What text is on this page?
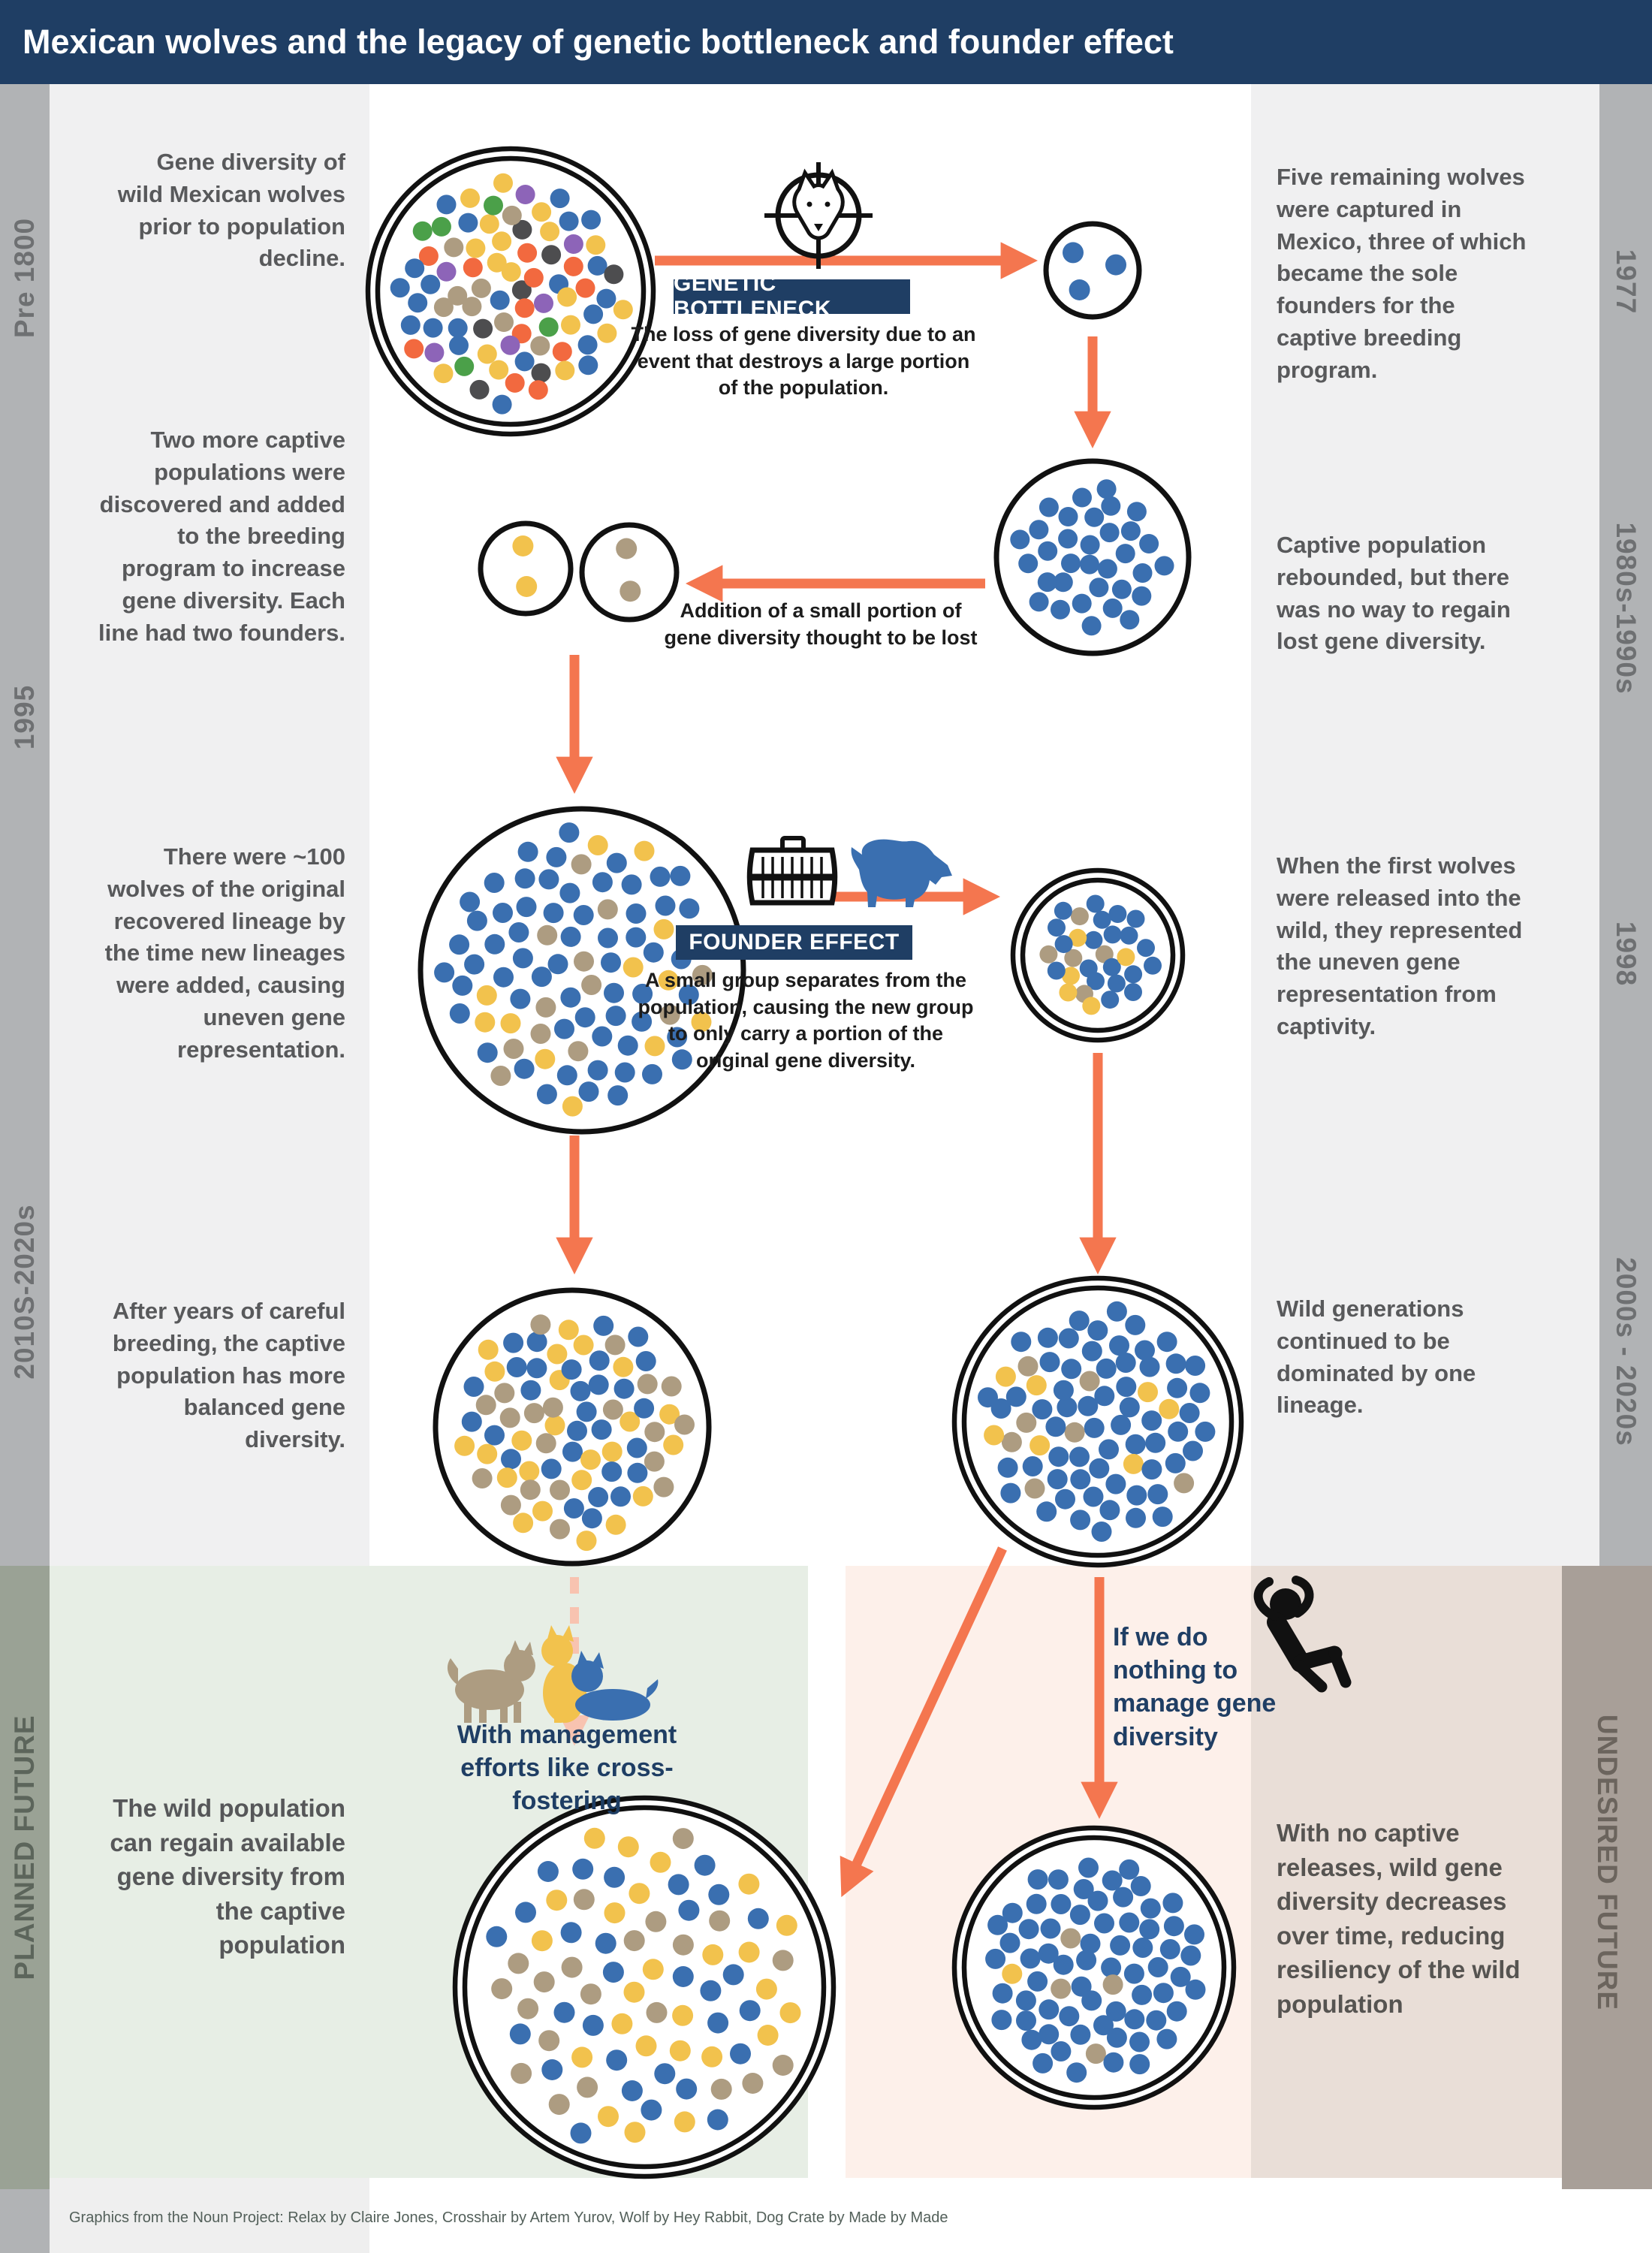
Mexican wolves and the legacy of genetic bottleneck and founder effect
Pre 1800
1995
2010S-2020s
PLANNED FUTURE
1977
1980s-1990s
1998
2000s - 2020s
UNDESIRED FUTURE
Gene diversity of wild Mexican wolves prior to population decline.
Two more captive populations were discovered and added to the breeding program to increase gene diversity. Each line had two founders.
There were ~100 wolves of the original recovered lineage by the time new lineages were added, causing uneven gene representation.
After years of careful breeding, the captive population has more balanced gene diversity.
Five remaining wolves were captured in Mexico, three of which became the sole founders for the captive breeding program.
Captive population rebounded, but there was no way to regain lost gene diversity.
When the first wolves were released into the wild, they represented the uneven gene representation from captivity.
Wild generations continued to be dominated by one lineage.
GENETIC BOTTLENECK
The loss of gene diversity due to an event that destroys a large portion of the population.
Addition of a small portion of gene diversity thought to be lost
FOUNDER EFFECT
A small group separates from the population, causing the new group to only carry a portion of the original gene diversity.
With management efforts like cross-fostering
If we do nothing to manage gene diversity
The wild population can regain available gene diversity from the captive population
With no captive releases, wild gene diversity decreases over time, reducing resiliency of the wild population
Graphics from the Noun Project: Relax by Claire Jones, Crosshair by Artem Yurov, Wolf by Hey Rabbit, Dog Crate by Made by Made
